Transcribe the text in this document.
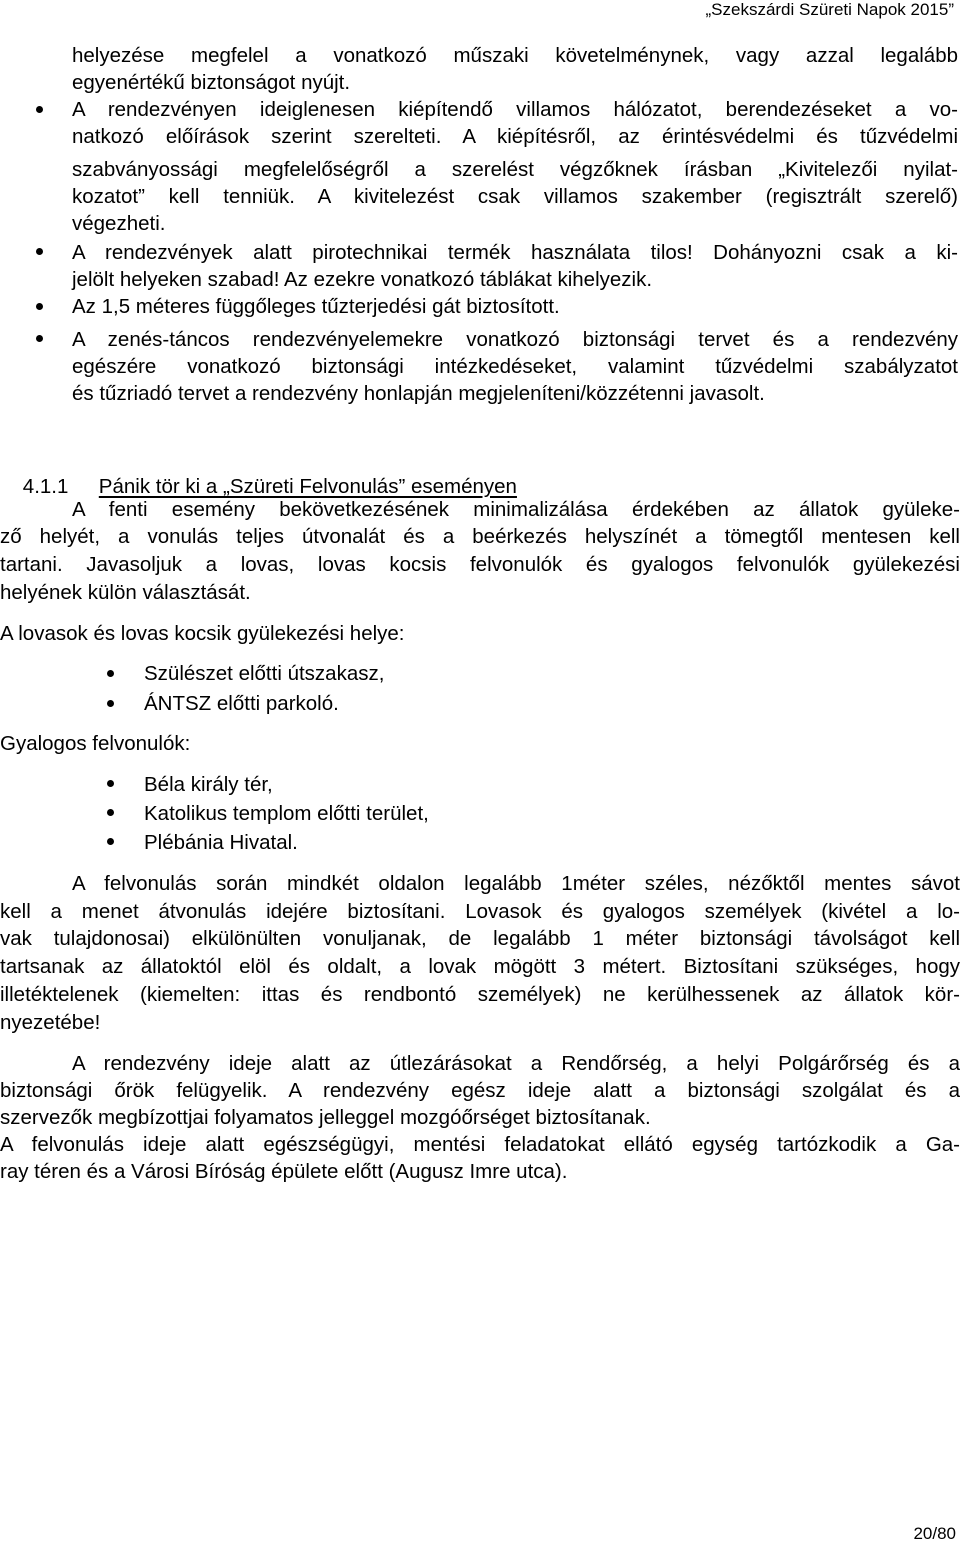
„Szekszárdi Szüreti Napok 2015”
helyezése megfelel a vonatkozó műszaki követelménynek, vagy azzal legalább
egyenértékű biztonságot nyújt.
A rendezvényen ideiglenesen kiépítendő villamos hálózatot, berendezéseket a vo-
natkozó előírások szerint szerelteti. A kiépítésről, az érintésvédelmi és tűzvédelmi
szabványossági megfelelőségről a szerelést végzőknek írásban „Kivitelezői nyilat-
kozatot” kell tenniük. A kivitelezést csak villamos szakember (regisztrált szerelő)
végezheti.
A rendezvények alatt pirotechnikai termék használata tilos! Dohányozni csak a ki-
jelölt helyeken szabad! Az ezekre vonatkozó táblákat kihelyezik.
Az 1,5 méteres függőleges tűzterjedési gát biztosított.
A zenés-táncos rendezvényelemekre vonatkozó biztonsági tervet és a rendezvény
egészére vonatkozó biztonsági intézkedéseket, valamint tűzvédelmi szabályzatot
és tűzriadó tervet a rendezvény honlapján megjeleníteni/közzétenni javasolt.

4.1.1 Pánik tör ki a „Szüreti Felvonulás” eseményen

A fenti esemény bekövetkezésének minimalizálása érdekében az állatok gyüleke-
ző helyét, a vonulás teljes útvonalát és a beérkezés helyszínét a tömegtől mentesen kell
tartani. Javasoljuk a lovas, lovas kocsis felvonulók és gyalogos felvonulók gyülekezési
helyének külön választását.
A lovasok és lovas kocsik gyülekezési helye:
Szülészet előtti útszakasz,
ÁNTSZ előtti parkoló.
Gyalogos felvonulók:
Béla király tér,
Katolikus templom előtti terület,
Plébánia Hivatal.
A felvonulás során mindkét oldalon legalább 1méter széles, nézőktől mentes sávot
kell a menet átvonulás idejére biztosítani. Lovasok és gyalogos személyek (kivétel a lo-
vak tulajdonosai) elkülönülten vonuljanak, de legalább 1 méter biztonsági távolságot kell
tartsanak az állatoktól elöl és oldalt, a lovak mögött 3 métert. Biztosítani szükséges, hogy
illetéktelenek (kiemelten: ittas és rendbontó személyek) ne kerülhessenek az állatok kör-
nyezetébe!
A rendezvény ideje alatt az útlezárásokat a Rendőrség, a helyi Polgárőrség és a
biztonsági őrök felügyelik. A rendezvény egész ideje alatt a biztonsági szolgálat és a
szervezők megbízottjai folyamatos jelleggel mozgóőrséget biztosítanak.
A felvonulás ideje alatt egészségügyi, mentési feladatokat ellátó egység tartózkodik a Ga-
ray téren és a Városi Bíróság épülete előtt (Augusz Imre utca).
20/80
